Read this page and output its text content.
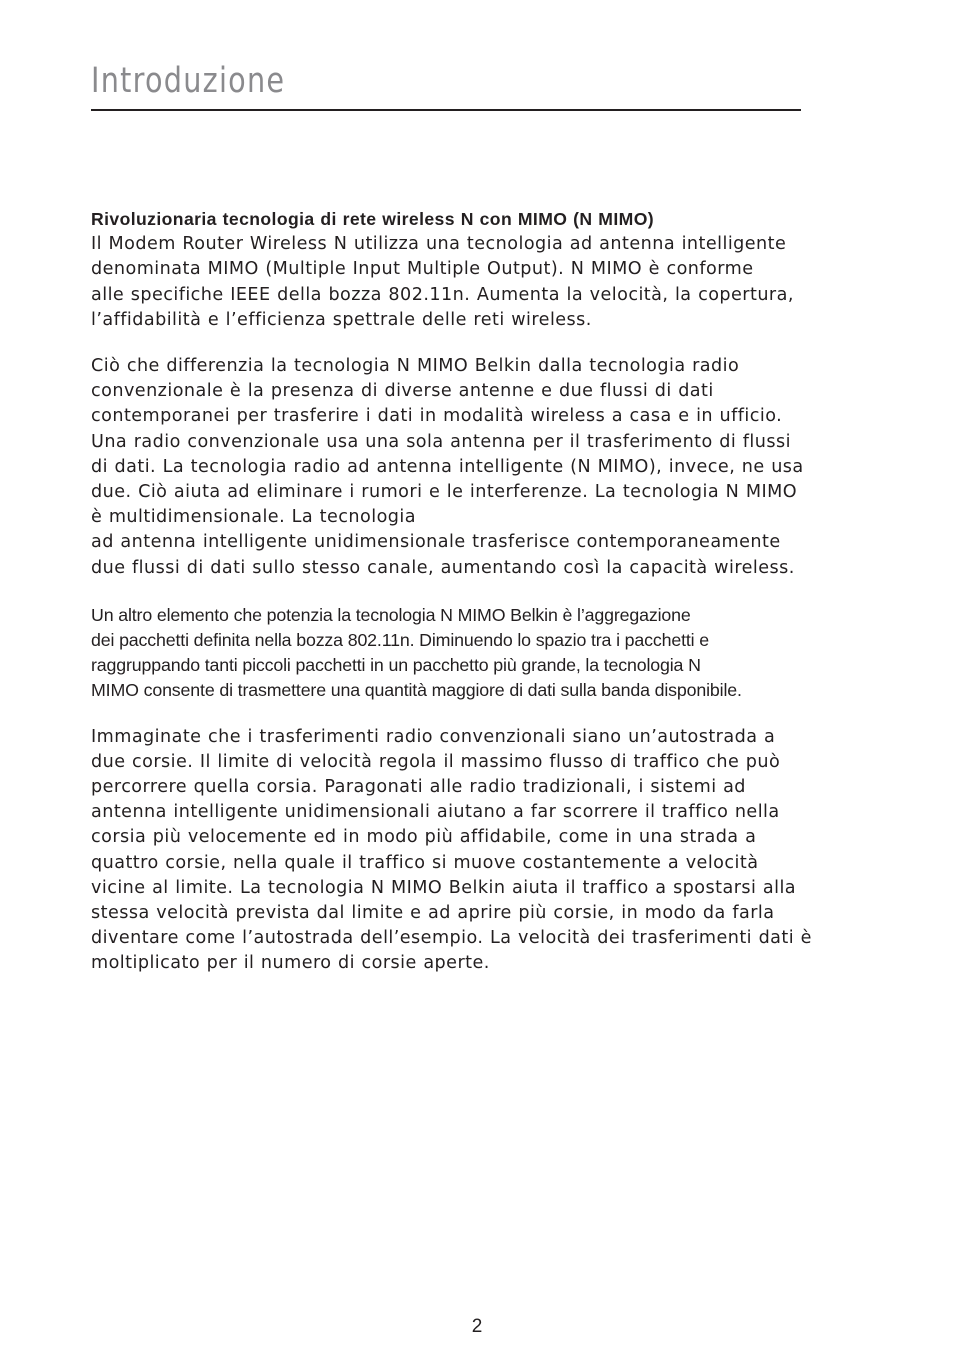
Introduzione

Rivoluzionaria tecnologia di rete wireless N con MIMO (N MIMO)
Il Modem Router Wireless N utilizza una tecnologia ad antenna intelligente
denominata MIMO (Multiple Input Multiple Output). N MIMO è conforme
alle specifiche IEEE della bozza 802.11n. Aumenta la velocità, la copertura,
l’affidabilità e l’efficienza spettrale delle reti wireless.

Ciò che differenzia la tecnologia N MIMO Belkin dalla tecnologia radio
convenzionale è la presenza di diverse antenne e due flussi di dati
contemporanei per trasferire i dati in modalità wireless a casa e in ufficio.
Una radio convenzionale usa una sola antenna per il trasferimento di flussi
di dati. La tecnologia radio ad antenna intelligente (N MIMO), invece, ne usa
due. Ciò aiuta ad eliminare i rumori e le interferenze. La tecnologia N MIMO
è multidimensionale. La tecnologia
ad antenna intelligente unidimensionale trasferisce contemporaneamente
due flussi di dati sullo stesso canale, aumentando così la capacità wireless.

Un altro elemento che potenzia la tecnologia N MIMO Belkin è l’aggregazione
dei pacchetti definita nella bozza 802.11n. Diminuendo lo spazio tra i pacchetti e
raggruppando tanti piccoli pacchetti in un pacchetto più grande, la tecnologia N
MIMO consente di trasmettere una quantità maggiore di dati sulla banda disponibile.

Immaginate che i trasferimenti radio convenzionali siano un’autostrada a
due corsie. Il limite di velocità regola il massimo flusso di traffico che può
percorrere quella corsia. Paragonati alle radio tradizionali, i sistemi ad
antenna intelligente unidimensionali aiutano a far scorrere il traffico nella
corsia più velocemente ed in modo più affidabile, come in una strada a
quattro corsie, nella quale il traffico si muove costantemente a velocità
vicine al limite. La tecnologia N MIMO Belkin aiuta il traffico a spostarsi alla
stessa velocità prevista dal limite e ad aprire più corsie, in modo da farla
diventare come l’autostrada dell’esempio. La velocità dei trasferimenti dati è
moltiplicato per il numero di corsie aperte.

2
